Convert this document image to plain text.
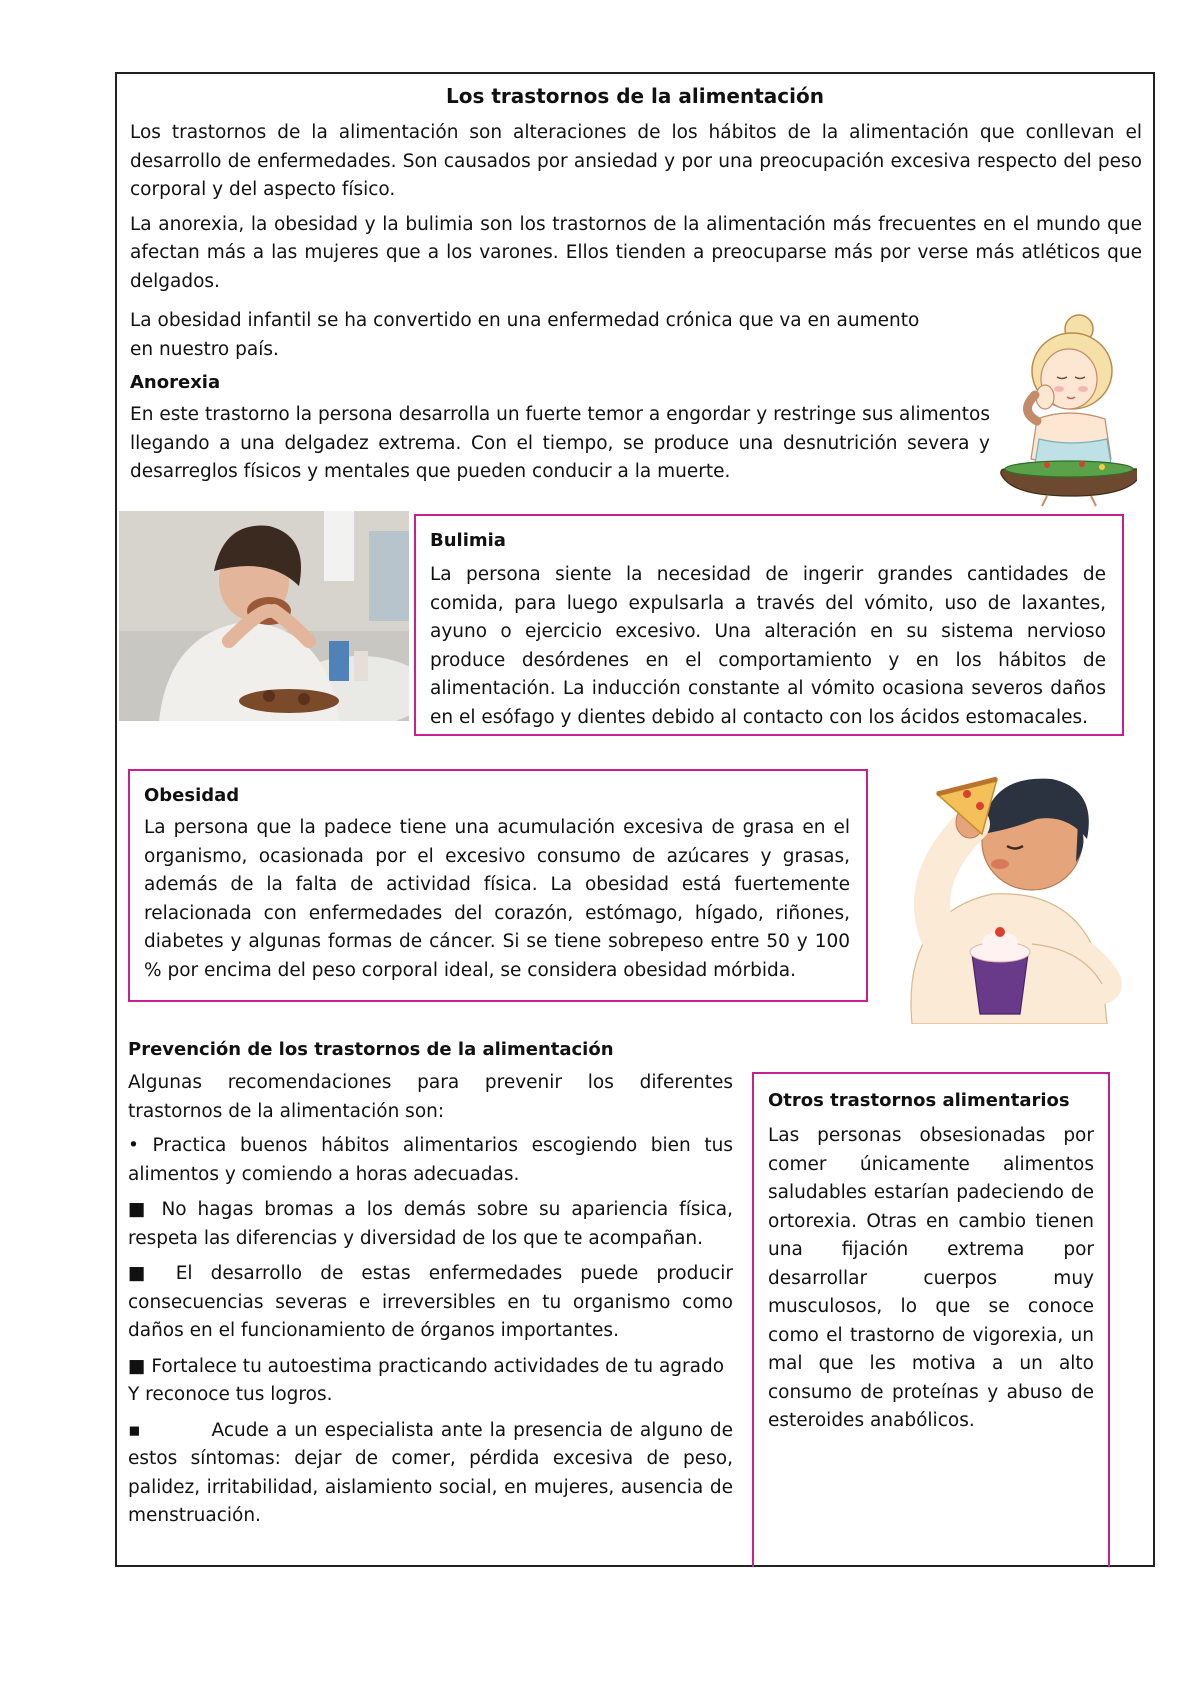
Los trastornos de la alimentación

Los trastornos de la alimentación son alteraciones de los hábitos de la alimentación que conllevan el desarrollo de enfermedades. Son causados por ansiedad y por una preocupación excesiva respecto del peso corporal y del aspecto físico.

La anorexia, la obesidad y la bulimia son los trastornos de la alimentación más frecuentes en el mundo que afectan más a las mujeres que a los varones. Ellos tienden a preocuparse más por verse más atléticos que delgados.

La obesidad infantil se ha convertido en una enfermedad crónica que va en aumento en nuestro país.

Anorexia

En este trastorno la persona desarrolla un fuerte temor a engordar y restringe sus alimentos llegando a una delgadez extrema. Con el tiempo, se produce una desnutrición severa y desarreglos físicos y mentales que pueden conducir a la muerte.

Bulimia

La persona siente la necesidad de ingerir grandes cantidades de comida, para luego expulsarla a través del vómito, uso de laxantes, ayuno o ejercicio excesivo. Una alteración en su sistema nervioso produce desórdenes en el comportamiento y en los hábitos de alimentación. La inducción constante al vómito ocasiona severos daños en el esófago y dientes debido al contacto con los ácidos estomacales.

Obesidad

La persona que la padece tiene una acumulación excesiva de grasa en el organismo, ocasionada por el excesivo consumo de azúcares y grasas, además de la falta de actividad física. La obesidad está fuertemente relacionada con enfermedades del corazón, estómago, hígado, riñones, diabetes y algunas formas de cáncer. Si se tiene sobrepeso entre 50 y 100 % por encima del peso corporal ideal, se considera obesidad mórbida.

Prevención de los trastornos de la alimentación

Algunas recomendaciones para prevenir los diferentes trastornos de la alimentación son:

• Practica buenos hábitos alimentarios escogiendo bien tus alimentos y comiendo a horas adecuadas.
■ No hagas bromas a los demás sobre su apariencia física, respeta las diferencias y diversidad de los que te acompañan.
■ El desarrollo de estas enfermedades puede producir consecuencias severas e irreversibles en tu organismo como daños en el funcionamiento de órganos importantes.
■ Fortalece tu autoestima practicando actividades de tu agrado Y reconoce tus logros.
▪          Acude a un especialista ante la presencia de alguno de estos síntomas: dejar de comer, pérdida excesiva de peso, palidez, irritabilidad, aislamiento social, en mujeres, ausencia de menstruación.

Otros trastornos alimentarios

Las personas obsesionadas por comer únicamente alimentos saludables estarían padeciendo de ortorexia. Otras en cambio tienen una fijación extrema por desarrollar cuerpos muy musculosos, lo que se conoce como el trastorno de vigorexia, un mal que les motiva a un alto consumo de proteínas y abuso de esteroides anabólicos.
